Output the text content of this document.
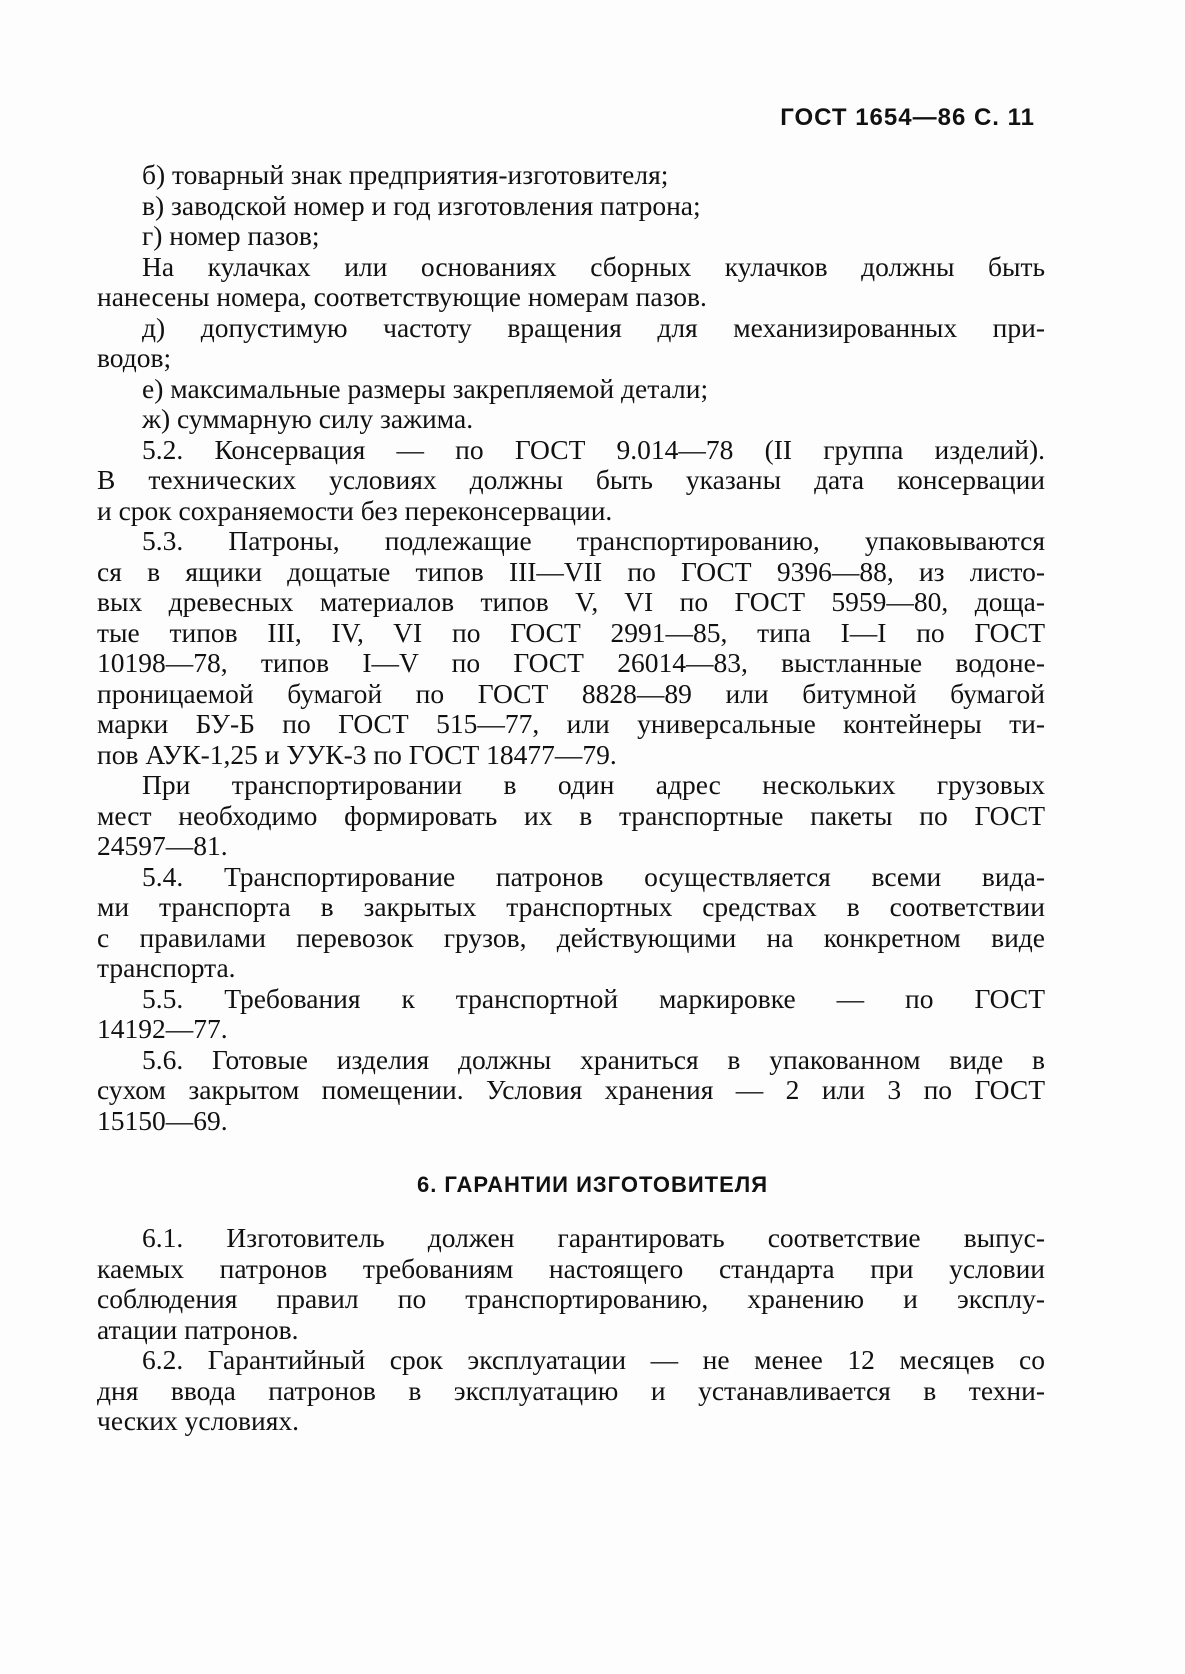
ГОСТ 1654—86 С. 11
б) товарный знак предприятия-изготовителя;
в) заводской номер и год изготовления патрона;
г) номер пазов;
На кулачках или основаниях сборных кулачков должны быть
нанесены номера, соответствующие номерам пазов.
д) допустимую частоту вращения для механизированных при-
водов;
е) максимальные размеры закрепляемой детали;
ж) суммарную силу зажима.
5.2. Консервация — по ГОСТ 9.014—78 (II группа изделий).
В технических условиях должны быть указаны дата консервации
и срок сохраняемости без переконсервации.
5.3. Патроны, подлежащие транспортированию, упаковываются
ся в ящики дощатые типов III—VII по ГОСТ 9396—88, из листо-
вых древесных материалов типов V, VI по ГОСТ 5959—80, доща-
тые типов III, IV, VI по ГОСТ 2991—85, типа I—I по ГОСТ
10198—78, типов I—V по ГОСТ 26014—83, выстланные водоне-
проницаемой бумагой по ГОСТ 8828—89 или битумной бумагой
марки БУ-Б по ГОСТ 515—77, или универсальные контейнеры ти-
пов АУК-1,25 и УУК-3 по ГОСТ 18477—79.
При транспортировании в один адрес нескольких грузовых
мест необходимо формировать их в транспортные пакеты по ГОСТ
24597—81.
5.4. Транспортирование патронов осуществляется всеми вида-
ми транспорта в закрытых транспортных средствах в соответствии
с правилами перевозок грузов, действующими на конкретном виде
транспорта.
5.5. Требования к транспортной маркировке — по ГОСТ
14192—77.
5.6. Готовые изделия должны храниться в упакованном виде в
сухом закрытом помещении. Условия хранения — 2 или 3 по ГОСТ
15150—69.
6. ГАРАНТИИ ИЗГОТОВИТЕЛЯ
6.1. Изготовитель должен гарантировать соответствие выпус-
каемых патронов требованиям настоящего стандарта при условии
соблюдения правил по транспортированию, хранению и эксплу-
атации патронов.
6.2. Гарантийный срок эксплуатации — не менее 12 месяцев со
дня ввода патронов в эксплуатацию и устанавливается в техни-
ческих условиях.
